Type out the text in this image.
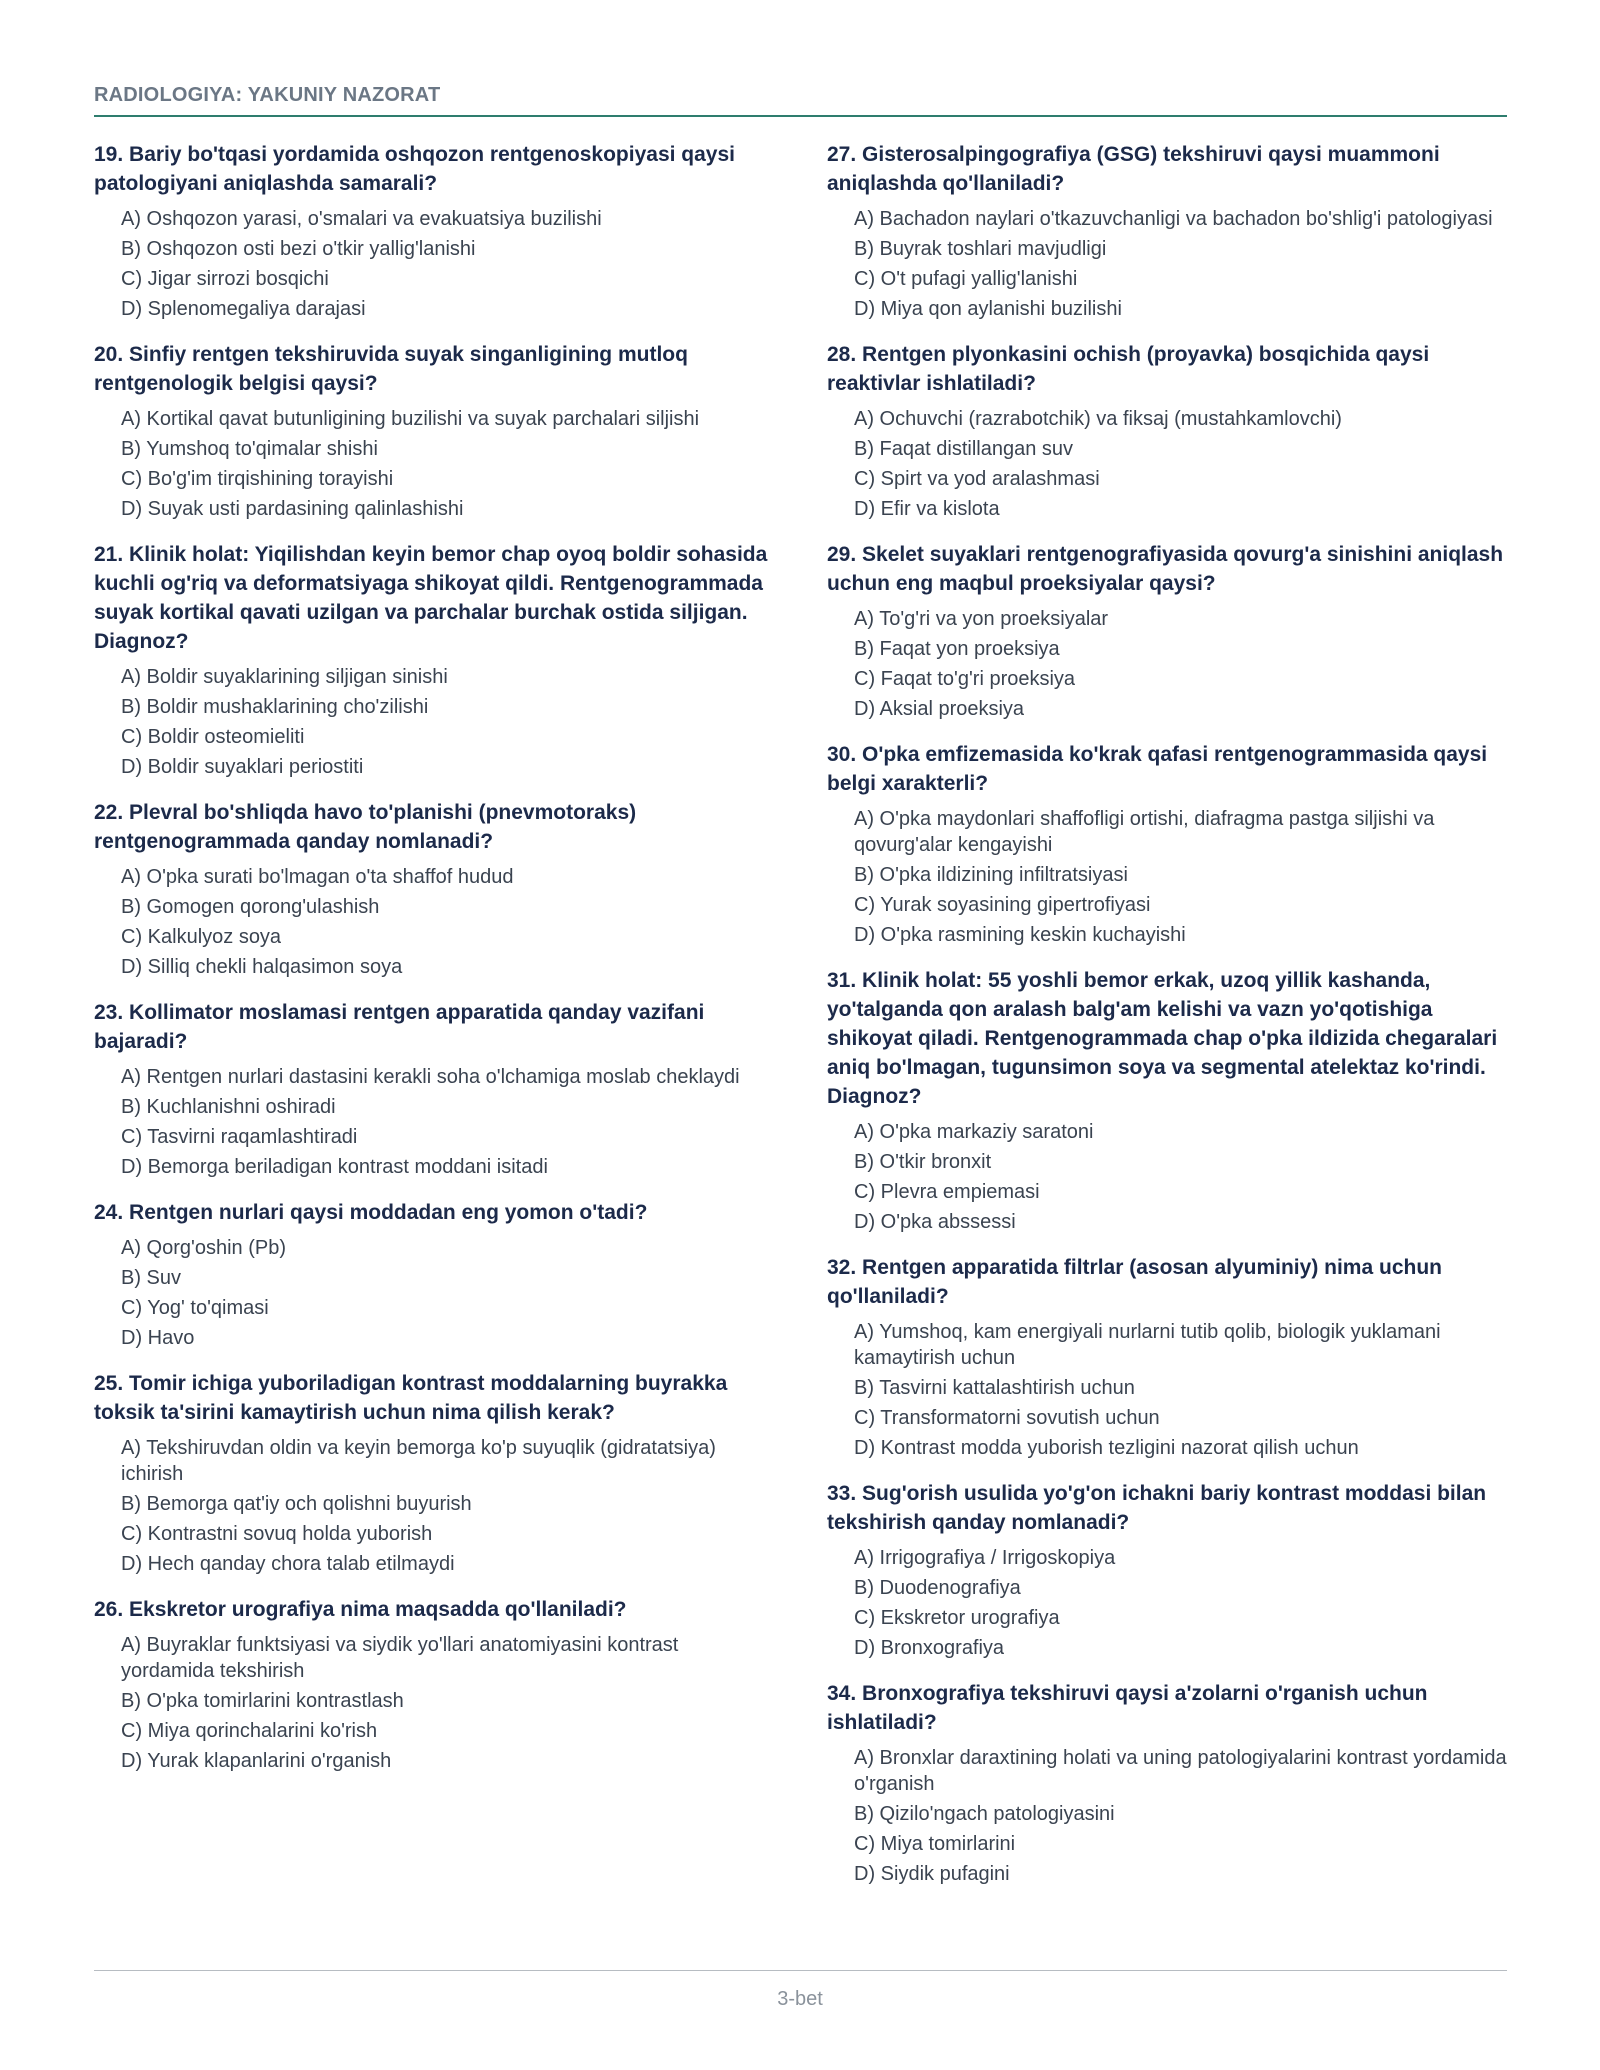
RADIOLOGIYA: YAKUNIY NAZORAT
19. Bariy bo'tqasi yordamida oshqozon rentgenoskopiyasi qaysi patologiyani aniqlashda samarali?
A) Oshqozon yarasi, o'smalari va evakuatsiya buzilishi
B) Oshqozon osti bezi o'tkir yallig'lanishi
C) Jigar sirrozi bosqichi
D) Splenomegaliya darajasi
20. Sinfiy rentgen tekshiruvida suyak singanligining mutloq rentgenologik belgisi qaysi?
A) Kortikal qavat butunligining buzilishi va suyak parchalari siljishi
B) Yumshoq to'qimalar shishi
C) Bo'g'im tirqishining torayishi
D) Suyak usti pardasining qalinlashishi
21. Klinik holat: Yiqilishdan keyin bemor chap oyoq boldir sohasida kuchli og'riq va deformatsiyaga shikoyat qildi. Rentgenogrammada suyak kortikal qavati uzilgan va parchalar burchak ostida siljigan. Diagnoz?
A) Boldir suyaklarining siljigan sinishi
B) Boldir mushaklarining cho'zilishi
C) Boldir osteomieliti
D) Boldir suyaklari periostiti
22. Plevral bo'shliqda havo to'planishi (pnevmotoraks) rentgenogrammada qanday nomlanadi?
A) O'pka surati bo'lmagan o'ta shaffof hudud
B) Gomogen qorong'ulashish
C) Kalkulyoz soya
D) Silliq chekli halqasimon soya
23. Kollimator moslamasi rentgen apparatida qanday vazifani bajaradi?
A) Rentgen nurlari dastasini kerakli soha o'lchamiga moslab cheklaydi
B) Kuchlanishni oshiradi
C) Tasvirni raqamlashtiradi
D) Bemorga beriladigan kontrast moddani isitadi
24. Rentgen nurlari qaysi moddadan eng yomon o'tadi?
A) Qorg'oshin (Pb)
B) Suv
C) Yog' to'qimasi
D) Havo
25. Tomir ichiga yuboriladigan kontrast moddalarning buyrakka toksik ta'sirini kamaytirish uchun nima qilish kerak?
A) Tekshiruvdan oldin va keyin bemorga ko'p suyuqlik (gidratatsiya) ichirish
B) Bemorga qat'iy och qolishni buyurish
C) Kontrastni sovuq holda yuborish
D) Hech qanday chora talab etilmaydi
26. Ekskretor urografiya nima maqsadda qo'llaniladi?
A) Buyraklar funktsiyasi va siydik yo'llari anatomiyasini kontrast yordamida tekshirish
B) O'pka tomirlarini kontrastlash
C) Miya qorinchalarini ko'rish
D) Yurak klapanlarini o'rganish
27. Gisterosalpingografiya (GSG) tekshiruvi qaysi muammoni aniqlashda qo'llaniladi?
A) Bachadon naylari o'tkazuvchanligi va bachadon bo'shlig'i patologiyasi
B) Buyrak toshlari mavjudligi
C) O't pufagi yallig'lanishi
D) Miya qon aylanishi buzilishi
28. Rentgen plyonkasini ochish (proyavka) bosqichida qaysi reaktivlar ishlatiladi?
A) Ochuvchi (razrabotchik) va fiksaj (mustahkamlovchi)
B) Faqat distillangan suv
C) Spirt va yod aralashmasi
D) Efir va kislota
29. Skelet suyaklari rentgenografiyasida qovurg'a sinishini aniqlash uchun eng maqbul proeksiyalar qaysi?
A) To'g'ri va yon proeksiyalar
B) Faqat yon proeksiya
C) Faqat to'g'ri proeksiya
D) Aksial proeksiya
30. O'pka emfizemasida ko'krak qafasi rentgenogrammasida qaysi belgi xarakterli?
A) O'pka maydonlari shaffofligi ortishi, diafragma pastga siljishi va qovurg'alar kengayishi
B) O'pka ildizining infiltratsiyasi
C) Yurak soyasining gipertrofiyasi
D) O'pka rasmining keskin kuchayishi
31. Klinik holat: 55 yoshli bemor erkak, uzoq yillik kashanda, yo'talganda qon aralash balg'am kelishi va vazn yo'qotishiga shikoyat qiladi. Rentgenogrammada chap o'pka ildizida chegaralari aniq bo'lmagan, tugunsimon soya va segmental atelektaz ko'rindi. Diagnoz?
A) O'pka markaziy saratoni
B) O'tkir bronxit
C) Plevra empiemasi
D) O'pka abssessi
32. Rentgen apparatida filtrlar (asosan alyuminiy) nima uchun qo'llaniladi?
A) Yumshoq, kam energiyali nurlarni tutib qolib, biologik yuklamani kamaytirish uchun
B) Tasvirni kattalashtirish uchun
C) Transformatorni sovutish uchun
D) Kontrast modda yuborish tezligini nazorat qilish uchun
33. Sug'orish usulida yo'g'on ichakni bariy kontrast moddasi bilan tekshirish qanday nomlanadi?
A) Irrigografiya / Irrigoskopiya
B) Duodenografiya
C) Ekskretor urografiya
D) Bronxografiya
34. Bronxografiya tekshiruvi qaysi a'zolarni o'rganish uchun ishlatiladi?
A) Bronxlar daraxtining holati va uning patologiyalarini kontrast yordamida o'rganish
B) Qizilo'ngach patologiyasini
C) Miya tomirlarini
D) Siydik pufagini
3-bet
